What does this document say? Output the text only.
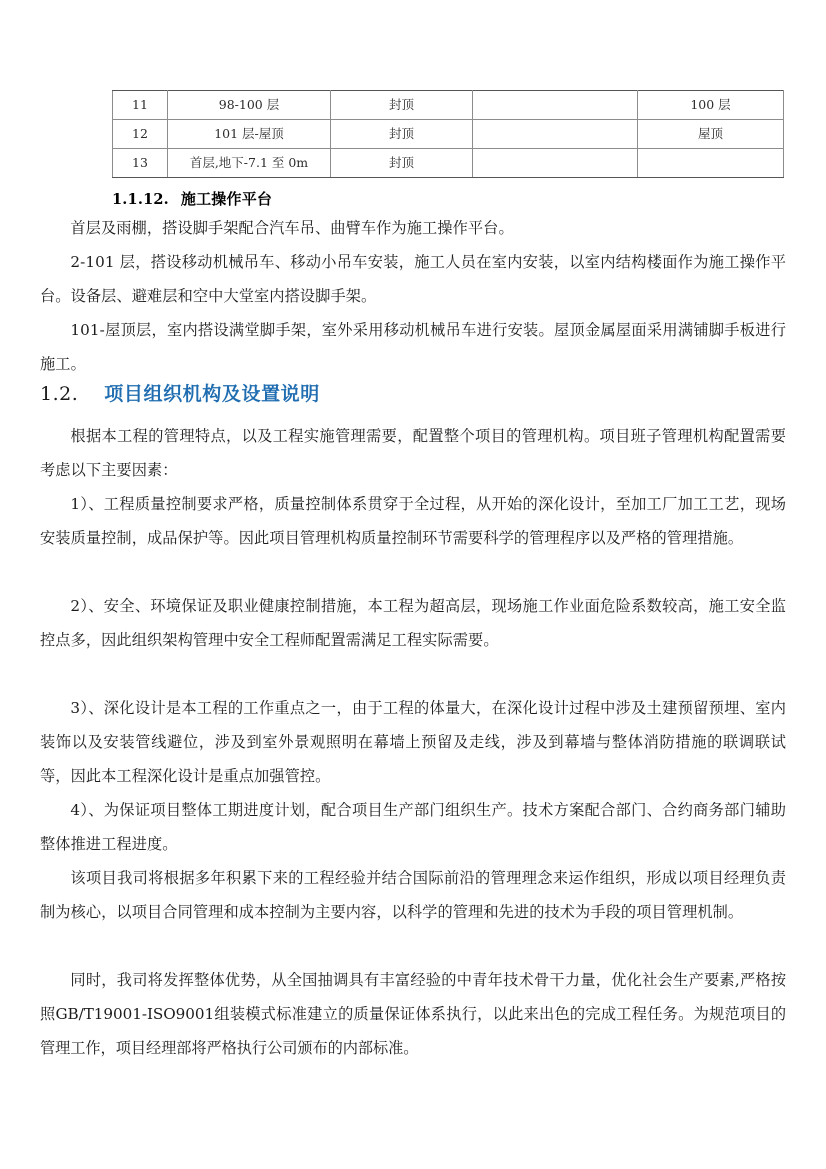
11	98-100 层	封顶		100 层
12	101 层-屋顶	封顶		屋顶
13	首层,地下-7.1 至 0m	封顶		
1.1.12. 施工操作平台
首层及雨棚，搭设脚手架配合汽车吊、曲臂车作为施工操作平台。
2-101 层，搭设移动机械吊车、移动小吊车安装，施工人员在室内安装，以室内结构楼面作为施工操作平台。设备层、避难层和空中大堂室内搭设脚手架。
101-屋顶层，室内搭设满堂脚手架，室外采用移动机械吊车进行安装。屋顶金属屋面采用满铺脚手板进行施工。
1.2. 项目组织机构及设置说明
根据本工程的管理特点，以及工程实施管理需要，配置整个项目的管理机构。项目班子管理机构配置需要考虑以下主要因素：
1）、工程质量控制要求严格，质量控制体系贯穿于全过程，从开始的深化设计，至加工厂加工工艺，现场安装质量控制，成品保护等。因此项目管理机构质量控制环节需要科学的管理程序以及严格的管理措施。
2）、安全、环境保证及职业健康控制措施，本工程为超高层，现场施工作业面危险系数较高，施工安全监控点多，因此组织架构管理中安全工程师配置需满足工程实际需要。
3）、深化设计是本工程的工作重点之一，由于工程的体量大，在深化设计过程中涉及土建预留预埋、室内装饰以及安装管线避位，涉及到室外景观照明在幕墙上预留及走线，涉及到幕墙与整体消防措施的联调联试等，因此本工程深化设计是重点加强管控。
4）、为保证项目整体工期进度计划，配合项目生产部门组织生产。技术方案配合部门、合约商务部门辅助整体推进工程进度。
该项目我司将根据多年积累下来的工程经验并结合国际前沿的管理理念来运作组织，形成以项目经理负责制为核心，以项目合同管理和成本控制为主要内容，以科学的管理和先进的技术为手段的项目管理机制。
同时，我司将发挥整体优势，从全国抽调具有丰富经验的中青年技术骨干力量，优化社会生产要素,严格按照GB/T19001-ISO9001组装模式标准建立的质量保证体系执行，以此来出色的完成工程任务。为规范项目的管理工作，项目经理部将严格执行公司颁布的内部标准。
